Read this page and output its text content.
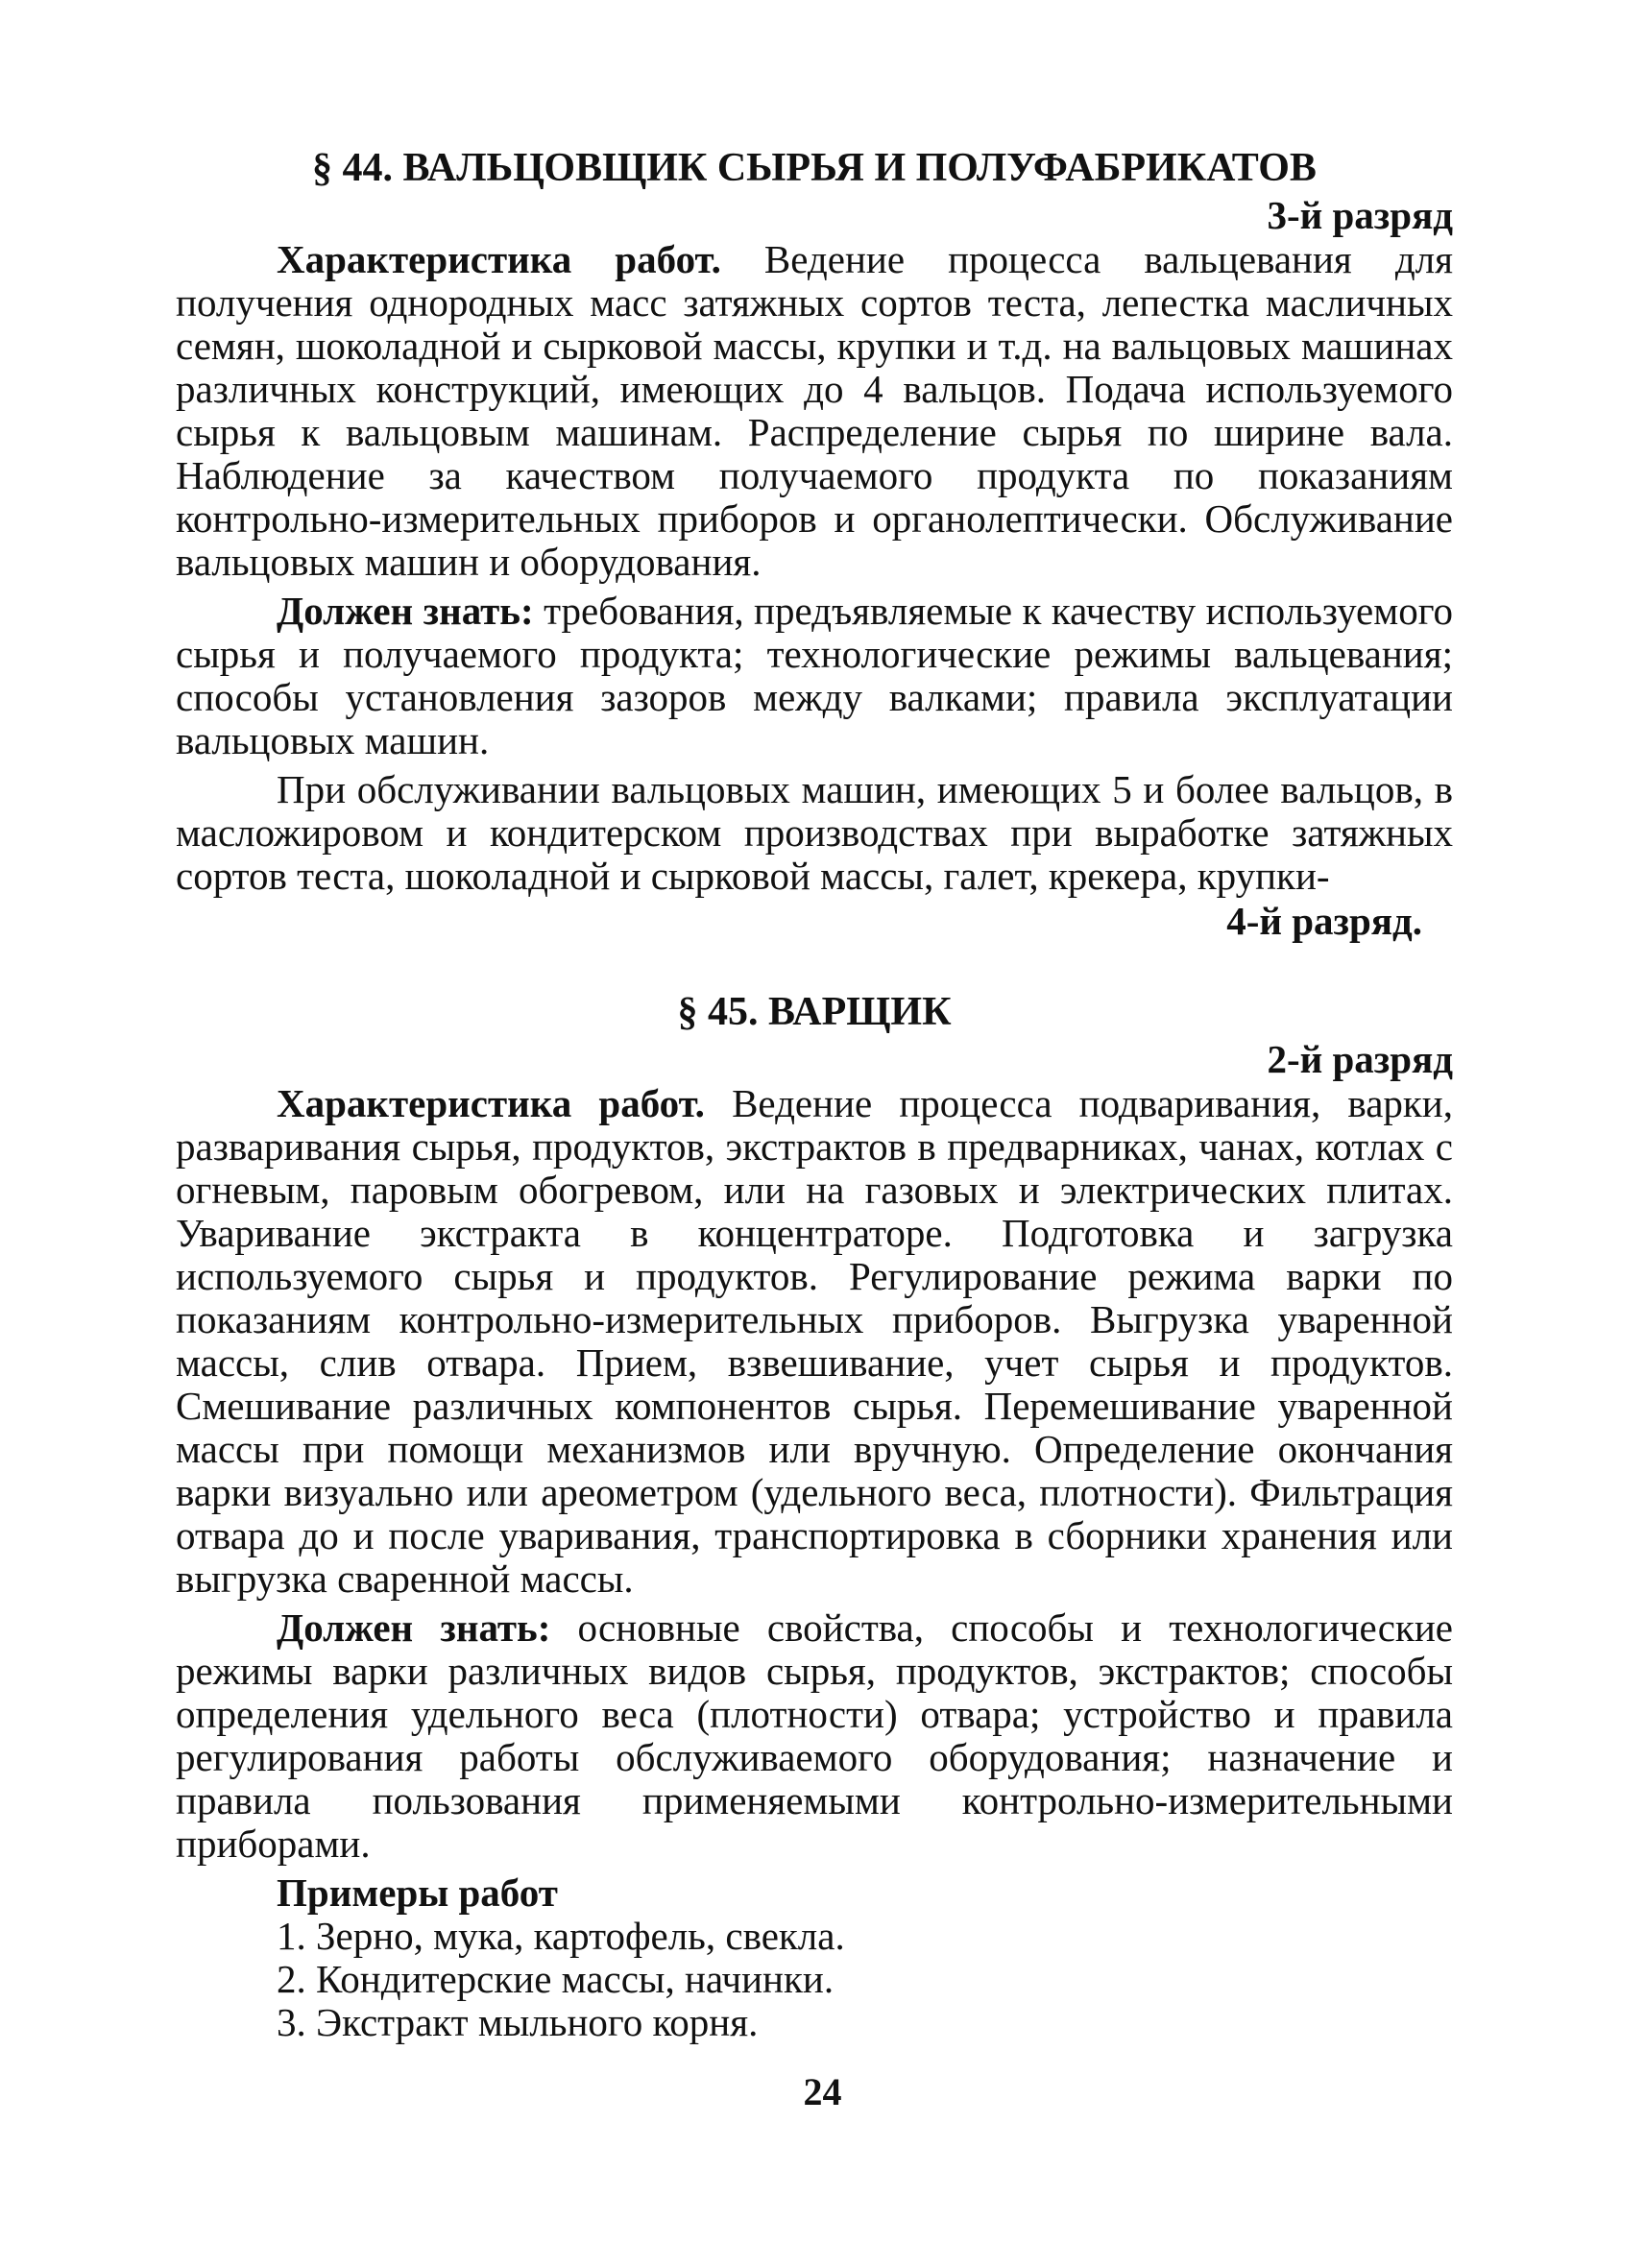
§ 44. ВАЛЬЦОВЩИК СЫРЬЯ И ПОЛУФАБРИКАТОВ
3-й разряд

Характеристика работ. Ведение процесса вальцевания для получения однородных масс затяжных сортов теста, лепестка масличных семян, шоколадной и сырковой массы, крупки и т.д. на вальцовых машинах различных конструкций, имеющих до 4 вальцов. Подача используемого сырья к вальцовым машинам. Распределение сырья по ширине вала. Наблюдение за качеством получаемого продукта по показаниям контрольно-измерительных приборов и органолептически. Обслуживание вальцовых машин и оборудования.

Должен знать: требования, предъявляемые к качеству используемого сырья и получаемого продукта; технологические режимы вальцевания; способы установления зазоров между валками; правила эксплуатации вальцовых машин.

При обслуживании вальцовых машин, имеющих 5 и более вальцов, в масложировом и кондитерском производствах при выработке затяжных сортов теста, шоколадной и сырковой массы, галет, крекера, крупки-

4-й разряд.
§ 45. ВАРЩИК
2-й разряд

Характеристика работ. Ведение процесса подваривания, варки, разваривания сырья, продуктов, экстрактов в предварниках, чанах, котлах с огневым, паровым обогревом, или на газовых и электрических плитах. Уваривание экстракта в концентраторе. Подготовка и загрузка используемого сырья и продуктов. Регулирование режима варки по показаниям контрольно-измерительных приборов. Выгрузка уваренной массы, слив отвара. Прием, взвешивание, учет сырья и продуктов. Смешивание различных компонентов сырья. Перемешивание уваренной массы при помощи механизмов или вручную. Определение окончания варки визуально или ареометром (удельного веса, плотности). Фильтрация отвара до и после уваривания, транспортировка в сборники хранения или выгрузка сваренной массы.

Должен знать: основные свойства, способы и технологические режимы варки различных видов сырья, продуктов, экстрактов; способы определения удельного веса (плотности) отвара; устройство и правила регулирования работы обслуживаемого оборудования; назначение и правила пользования применяемыми контрольно-измерительными приборами.

Примеры работ
1. Зерно, мука, картофель, свекла.
2. Кондитерские массы, начинки.
3. Экстракт мыльного корня.
24
